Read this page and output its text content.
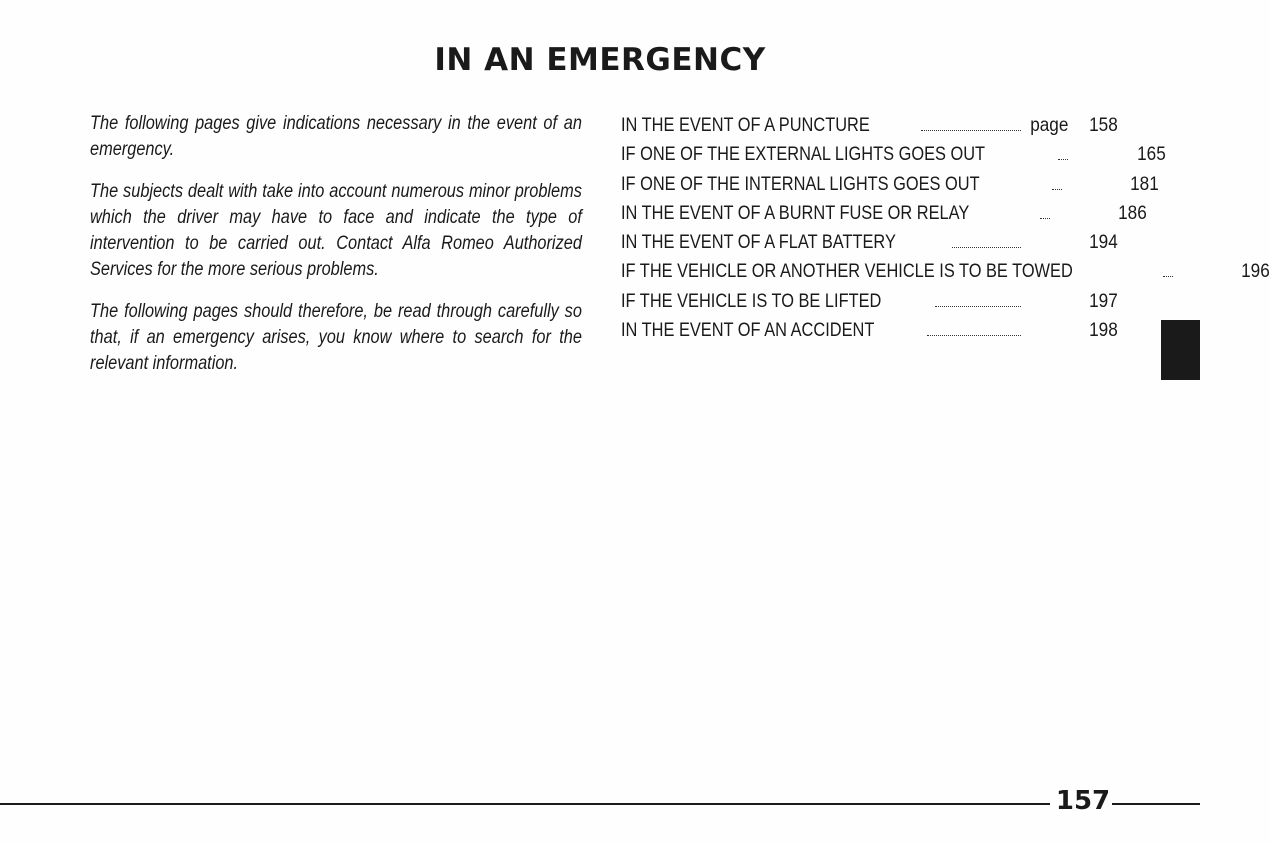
IN AN EMERGENCY

The following pages give indications necessary in the event of an emergency.

The subjects dealt with take into account numerous minor problems which the driver may have to face and indicate the type of intervention to be carried out. Contact Alfa Romeo Authorized Services for the more serious problems.

The following pages should therefore, be read through carefully so that, if an emergency arises, you know where to search for the relevant information.

IN THE EVENT OF A PUNCTURE	page 158
IF ONE OF THE EXTERNAL LIGHTS GOES OUT	165
IF ONE OF THE INTERNAL LIGHTS GOES OUT	181
IN THE EVENT OF A BURNT FUSE OR RELAY	186
IN THE EVENT OF A FLAT BATTERY	194
IF THE VEHICLE OR ANOTHER VEHICLE IS TO BE TOWED	196
IF THE VEHICLE IS TO BE LIFTED	197
IN THE EVENT OF AN ACCIDENT	198
157
